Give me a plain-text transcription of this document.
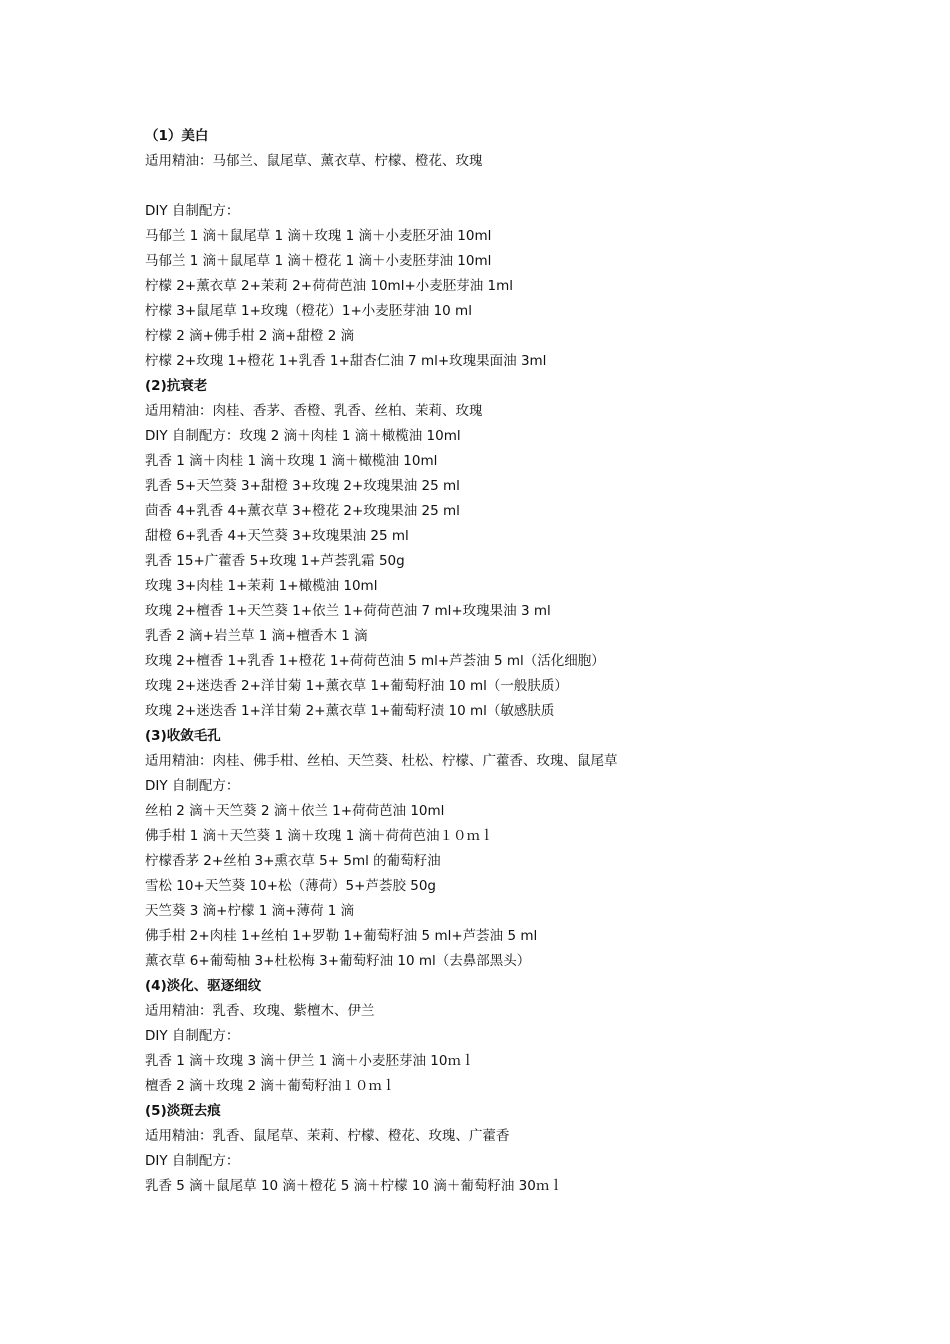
（1）美白
适用精油：马郁兰、鼠尾草、薰衣草、柠檬、橙花、玫瑰
DIY 自制配方：
马郁兰 1 滴＋鼠尾草 1 滴＋玫瑰 1 滴＋小麦胚牙油 10ml
马郁兰 1 滴＋鼠尾草 1 滴＋橙花 1 滴＋小麦胚芽油 10ml
柠檬 2+薰衣草 2+茉莉 2+荷荷芭油 10ml+小麦胚芽油 1ml
柠檬 3+鼠尾草 1+玫瑰（橙花）1+小麦胚芽油 10 ml
柠檬 2 滴+佛手柑 2 滴+甜橙 2 滴
柠檬 2+玫瑰 1+橙花 1+乳香 1+甜杏仁油 7 ml+玫瑰果面油 3ml
(2)抗衰老
适用精油：肉桂、香茅、香橙、乳香、丝柏、茉莉、玫瑰
DIY 自制配方：玫瑰 2 滴＋肉桂 1 滴＋橄榄油 10ml
乳香 1 滴＋肉桂 1 滴＋玫瑰 1 滴＋橄榄油 10ml
乳香 5+天竺葵 3+甜橙 3+玫瑰 2+玫瑰果油 25 ml
茴香 4+乳香 4+薰衣草 3+橙花 2+玫瑰果油 25 ml
甜橙 6+乳香 4+天竺葵 3+玫瑰果油 25 ml
乳香 15+广藿香 5+玫瑰 1+芦荟乳霜 50g
玫瑰 3+肉桂 1+茉莉 1+橄榄油 10ml
玫瑰 2+檀香 1+天竺葵 1+依兰 1+荷荷芭油 7 ml+玫瑰果油 3 ml
乳香 2 滴+岩兰草 1 滴+檀香木 1 滴
玫瑰 2+檀香 1+乳香 1+橙花 1+荷荷芭油 5 ml+芦荟油 5 ml（活化细胞）
玫瑰 2+迷迭香 2+洋甘菊 1+薰衣草 1+葡萄籽油 10 ml（一般肤质）
玫瑰 2+迷迭香 1+洋甘菊 2+薰衣草 1+葡萄籽渍 10 ml（敏感肤质
(3)收敛毛孔
适用精油：肉桂、佛手柑、丝柏、天竺葵、杜松、柠檬、广藿香、玫瑰、鼠尾草
DIY 自制配方：
丝柏 2 滴＋天竺葵 2 滴＋依兰 1+荷荷芭油 10ml
佛手柑 1 滴＋天竺葵 1 滴＋玫瑰 1 滴＋荷荷芭油１０ｍｌ
柠檬香茅 2+丝柏 3+熏衣草 5+ 5ml 的葡萄籽油
雪松 10+天竺葵 10+松（薄荷）5+芦荟胶 50g
天竺葵 3 滴+柠檬 1 滴+薄荷 1 滴
佛手柑 2+肉桂 1+丝柏 1+罗勒 1+葡萄籽油 5 ml+芦荟油 5 ml
薰衣草 6+葡萄柚 3+杜松梅 3+葡萄籽油 10 ml（去鼻部黑头）
(4)淡化、驱逐细纹
适用精油：乳香、玫瑰、紫檀木、伊兰
DIY 自制配方：
乳香 1 滴＋玫瑰 3 滴＋伊兰 1 滴＋小麦胚芽油 10ｍｌ
檀香 2 滴＋玫瑰 2 滴＋葡萄籽油１０ｍｌ
(5)淡斑去痕
适用精油：乳香、鼠尾草、茉莉、柠檬、橙花、玫瑰、广藿香
DIY 自制配方：
乳香 5 滴＋鼠尾草 10 滴＋橙花 5 滴＋柠檬 10 滴＋葡萄籽油 30ｍｌ
